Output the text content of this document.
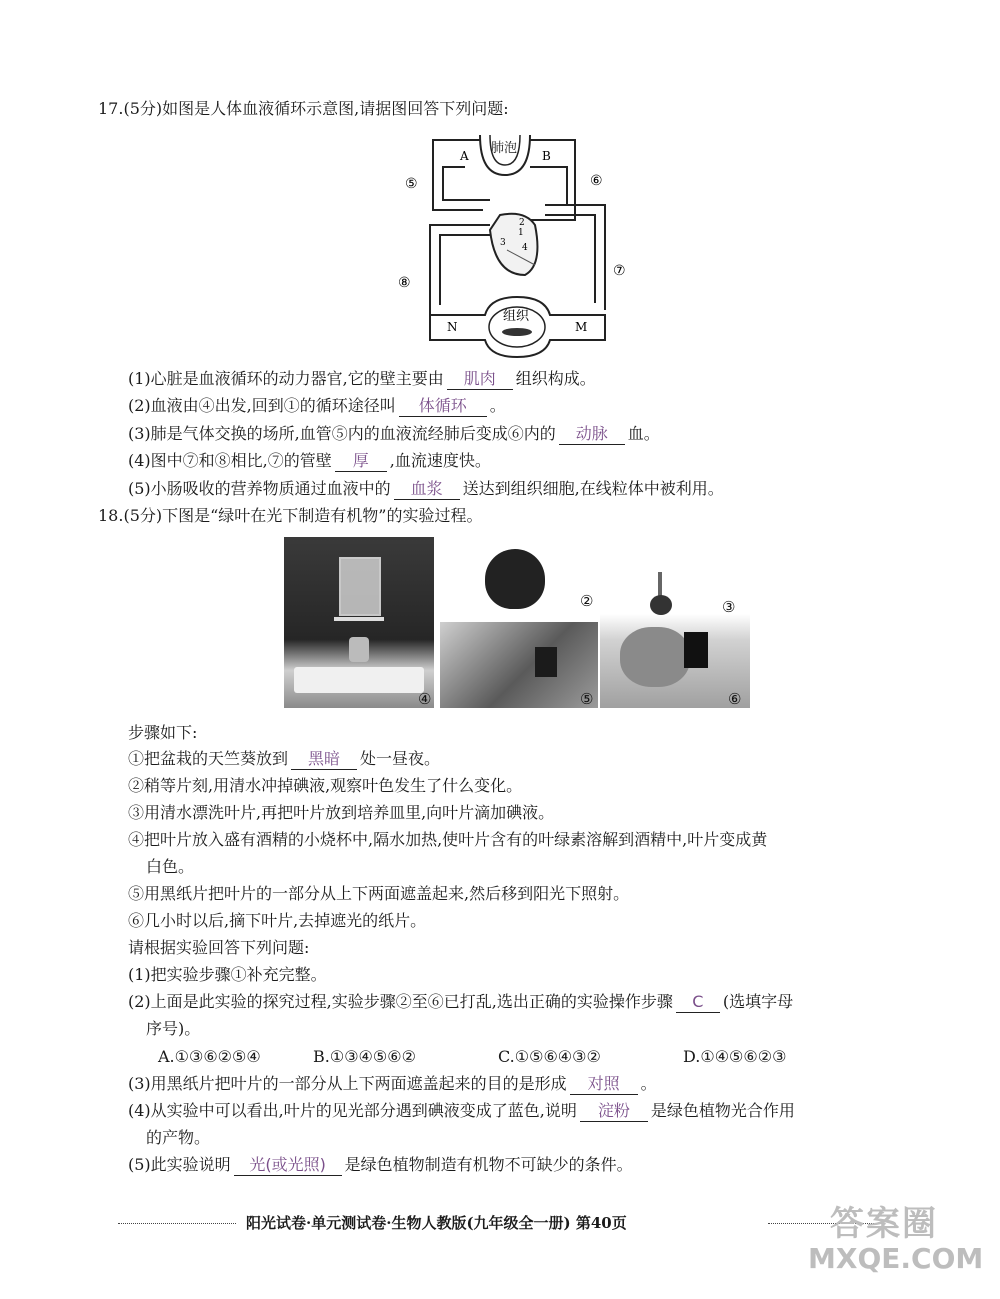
17.(5分)如图是人体血液循环示意图,请据图回答下列问题:
肺泡
A	B
1
2
3 4
组织
N	M
⑤	⑥
⑦
⑧
(1)心脏是血液循环的动力器官,它的壁主要由 肌肉 组织构成。
(2)血液由④出发,回到①的循环途径叫 体循环 。
(3)肺是气体交换的场所,血管⑤内的血液流经肺后变成⑥内的 动脉 血。
(4)图中⑦和⑧相比,⑦的管壁 厚 ,血流速度快。
(5)小肠吸收的营养物质通过血液中的 血浆 送达到组织细胞,在线粒体中被利用。
18.(5分)下图是“绿叶在光下制造有机物”的实验过程。
④
②
⑤
③
⑥
步骤如下:
①把盆栽的天竺葵放到 黑暗 处一昼夜。
②稍等片刻,用清水冲掉碘液,观察叶色发生了什么变化。
③用清水漂洗叶片,再把叶片放到培养皿里,向叶片滴加碘液。
④把叶片放入盛有酒精的小烧杯中,隔水加热,使叶片含有的叶绿素溶解到酒精中,叶片变成黄
白色。
⑤用黑纸片把叶片的一部分从上下两面遮盖起来,然后移到阳光下照射。
⑥几小时以后,摘下叶片,去掉遮光的纸片。
请根据实验回答下列问题:
(1)把实验步骤①补充完整。
(2)上面是此实验的探究过程,实验步骤②至⑥已打乱,选出正确的实验操作步骤 C (选填字母
序号)。
A.①③⑥②⑤④	B.①③④⑤⑥②	C.①⑤⑥④③②	D.①④⑤⑥②③
(3)用黑纸片把叶片的一部分从上下两面遮盖起来的目的是形成 对照 。
(4)从实验中可以看出,叶片的见光部分遇到碘液变成了蓝色,说明 淀粉 是绿色植物光合作用
的产物。
(5)此实验说明 光(或光照) 是绿色植物制造有机物不可缺少的条件。
阳光试卷·单元测试卷·生物人教版(九年级全一册) 第40页	答案圈
MXQE.COM
